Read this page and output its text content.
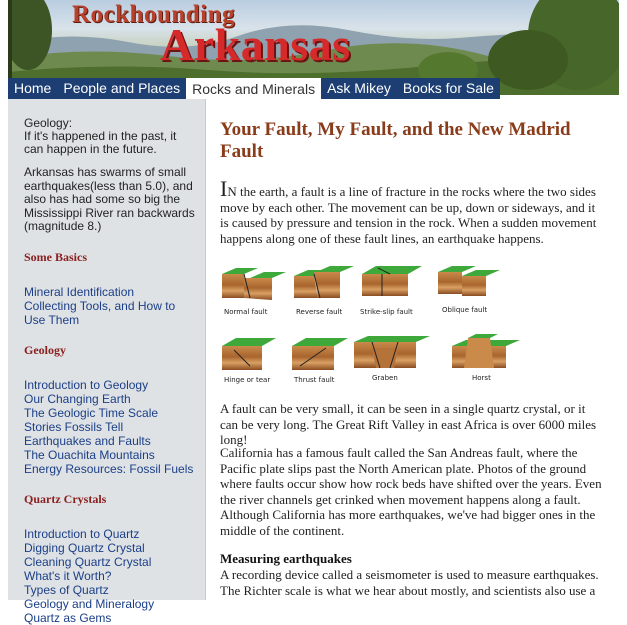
Rockhounding
Arkansas
Home People and Places Rocks and Minerals Ask Mikey Books for Sale
Geology:
If it's happened in the past, it can happen in the future.
Arkansas has swarms of small earthquakes(less than 5.0), and also has had some so big the Mississippi River ran backwards (magnitude 8.)
Some Basics
Mineral Identification
Collecting Tools, and How to Use Them
Geology
Introduction to Geology
Our Changing Earth
The Geologic Time Scale
Stories Fossils Tell
Earthquakes and Faults
The Ouachita Mountains
Energy Resources: Fossil Fuels
Quartz Crystals
Introduction to Quartz
Digging Quartz Crystal
Cleaning Quartz Crystal
What's it Worth?
Types of Quartz
Geology and Mineralogy
Quartz as Gems
Your Fault, My Fault, and the New Madrid Fault

IN the earth, a fault is a line of fracture in the rocks where the two sides move by each other. The movement can be up, down or sideways, and it is caused by pressure and tension in the rock. When a sudden movement happens along one of these fault lines, an earthquake happens.

Normal fault	Reverse fault	Strike-slip fault	Oblique fault
Hinge or tear	Thrust fault	Graben	Horst

A fault can be very small, it can be seen in a single quartz crystal, or it can be very long. The Great Rift Valley in east Africa is over 6000 miles long!

California has a famous fault called the San Andreas fault, where the Pacific plate slips past the North American plate. Photos of the ground where faults occur show how rock beds have shifted over the years. Even the river channels get crinked when movement happens along a fault. Although California has more earthquakes, we've had bigger ones in the middle of the continent.

Measuring earthquakes

A recording device called a seismometer is used to measure earthquakes. The Richter scale is what we hear about mostly, and scientists also use a
